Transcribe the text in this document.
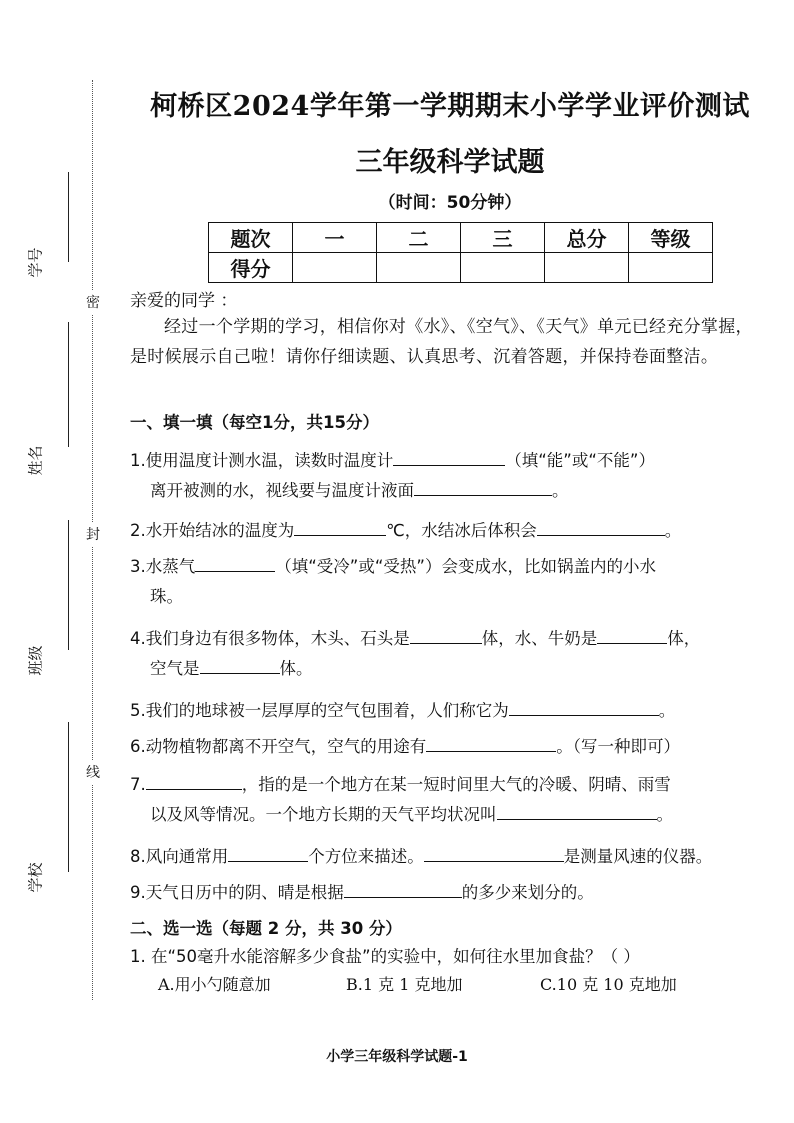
学号
姓名
班级
学校
密
封
线
柯桥区2024学年第一学期期末小学学业评价测试
三年级科学试题
（时间：50分钟）
题次	一	二	三	总分	等级
得分					
亲爱的同学 ：
经过一个学期的学习，相信你对《水》、《空气》、《天气》单元已经充分掌握，是时候展示自己啦！请你仔细读题、认真思考、沉着答题，并保持卷面整洁。
一、填一填（每空1分，共15分）
1.使用温度计测水温，读数时温度计	（填“能”或“不能”）
离开被测的水，视线要与温度计液面	。
2.水开始结冰的温度为	℃，水结冰后体积会	。
3.水蒸气	（填“受冷”或“受热”）会变成水，比如锅盖内的小水
珠。
4.我们身边有很多物体，木头、石头是	体，水、牛奶是	体，
空气是	体。
5.我们的地球被一层厚厚的空气包围着，人们称它为	。
6.动物植物都离不开空气，空气的用途有	。（写一种即可）
7.	，指的是一个地方在某一短时间里大气的冷暖、阴晴、雨雪
以及风等情况。一个地方长期的天气平均状况叫	。
8.风向通常用	个方位来描述。	是测量风速的仪器。
9.天气日历中的阴、晴是根据	的多少来划分的。
二、选一选（每题 2 分，共 30 分）
1. 在“50毫升水能溶解多少食盐”的实验中，如何往水里加食盐？（ ）
A.用小勺随意加	B.1 克 1 克地加	C.10 克 10 克地加
小学三年级科学试题-1
